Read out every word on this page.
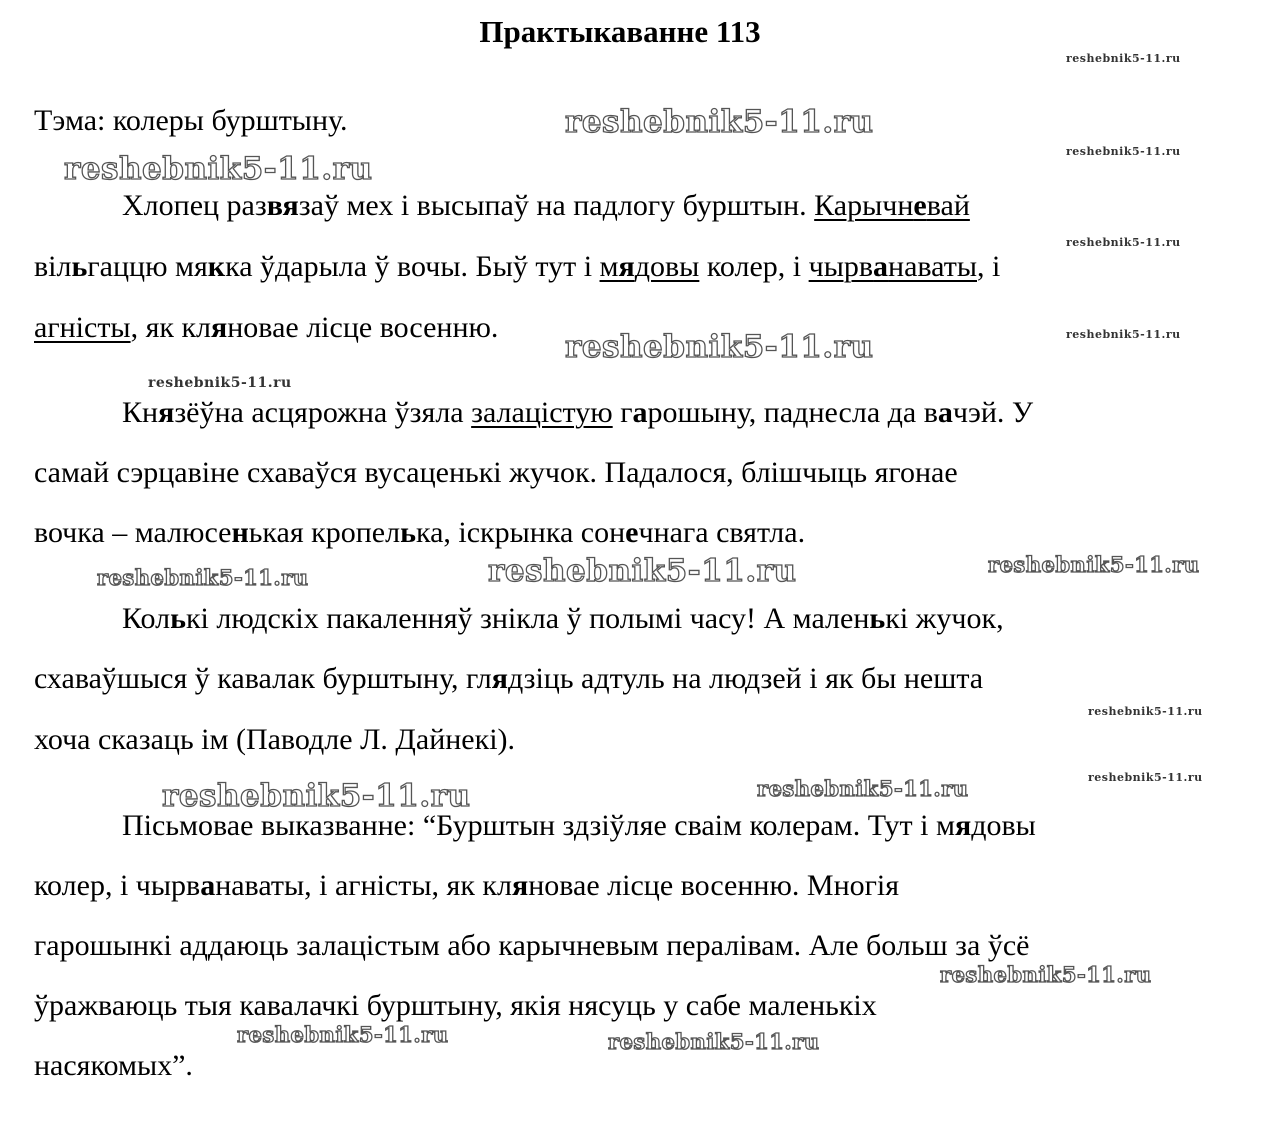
Практыкаванне 113
Тэма: колеры бурштыну.
Хлопец развязаў мех і высыпаў на падлогу бурштын. Карычневай
вільгаццю мякка ўдарыла ў вочы. Быў тут і мядовы колер, і чырванаваты, і
агністы, як кляновае лісце восенню.
Князёўна асцярожна ўзяла залацістую гарошыну, паднесла да вачэй. У
самай сэрцавіне схаваўся вусаценькі жучок. Падалося, блішчыць ягонае
вочка – малюсенькая кропелька, іскрынка сонечнага святла.
Колькі людскіх пакаленняў знікла ў полымі часу! А маленькі жучок,
схаваўшыся ў кавалак бурштыну, глядзіць адтуль на людзей і як бы нешта
хоча сказаць ім (Паводле Л. Дайнекі).
Пісьмовае выказванне: “Бурштын здзіўляе сваім колерам. Тут і мядовы
колер, і чырванаваты, і агністы, як кляновае лісце восенню. Многія
гарошынкі аддаюць залацістым або карычневым пералівам. Але больш за ўсё
ўражваюць тыя кавалачкі бурштыну, якія нясуць у сабе маленькіх
насякомых”.
reshebnik5-11.ru
reshebnik5-11.ru
reshebnik5-11.ru
reshebnik5-11.ru
reshebnik5-11.ru
reshebnik5-11.ru
reshebnik5-11.ru
reshebnik5-11.ru
reshebnik5-11.ru	reshebnik5-11.ru	reshebnik5-11.ru
reshebnik5-11.ru
reshebnik5-11.ru
reshebnik5-11.ru
reshebnik5-11.ru
reshebnik5-11.ru
reshebnik5-11.ru	reshebnik5-11.ru
